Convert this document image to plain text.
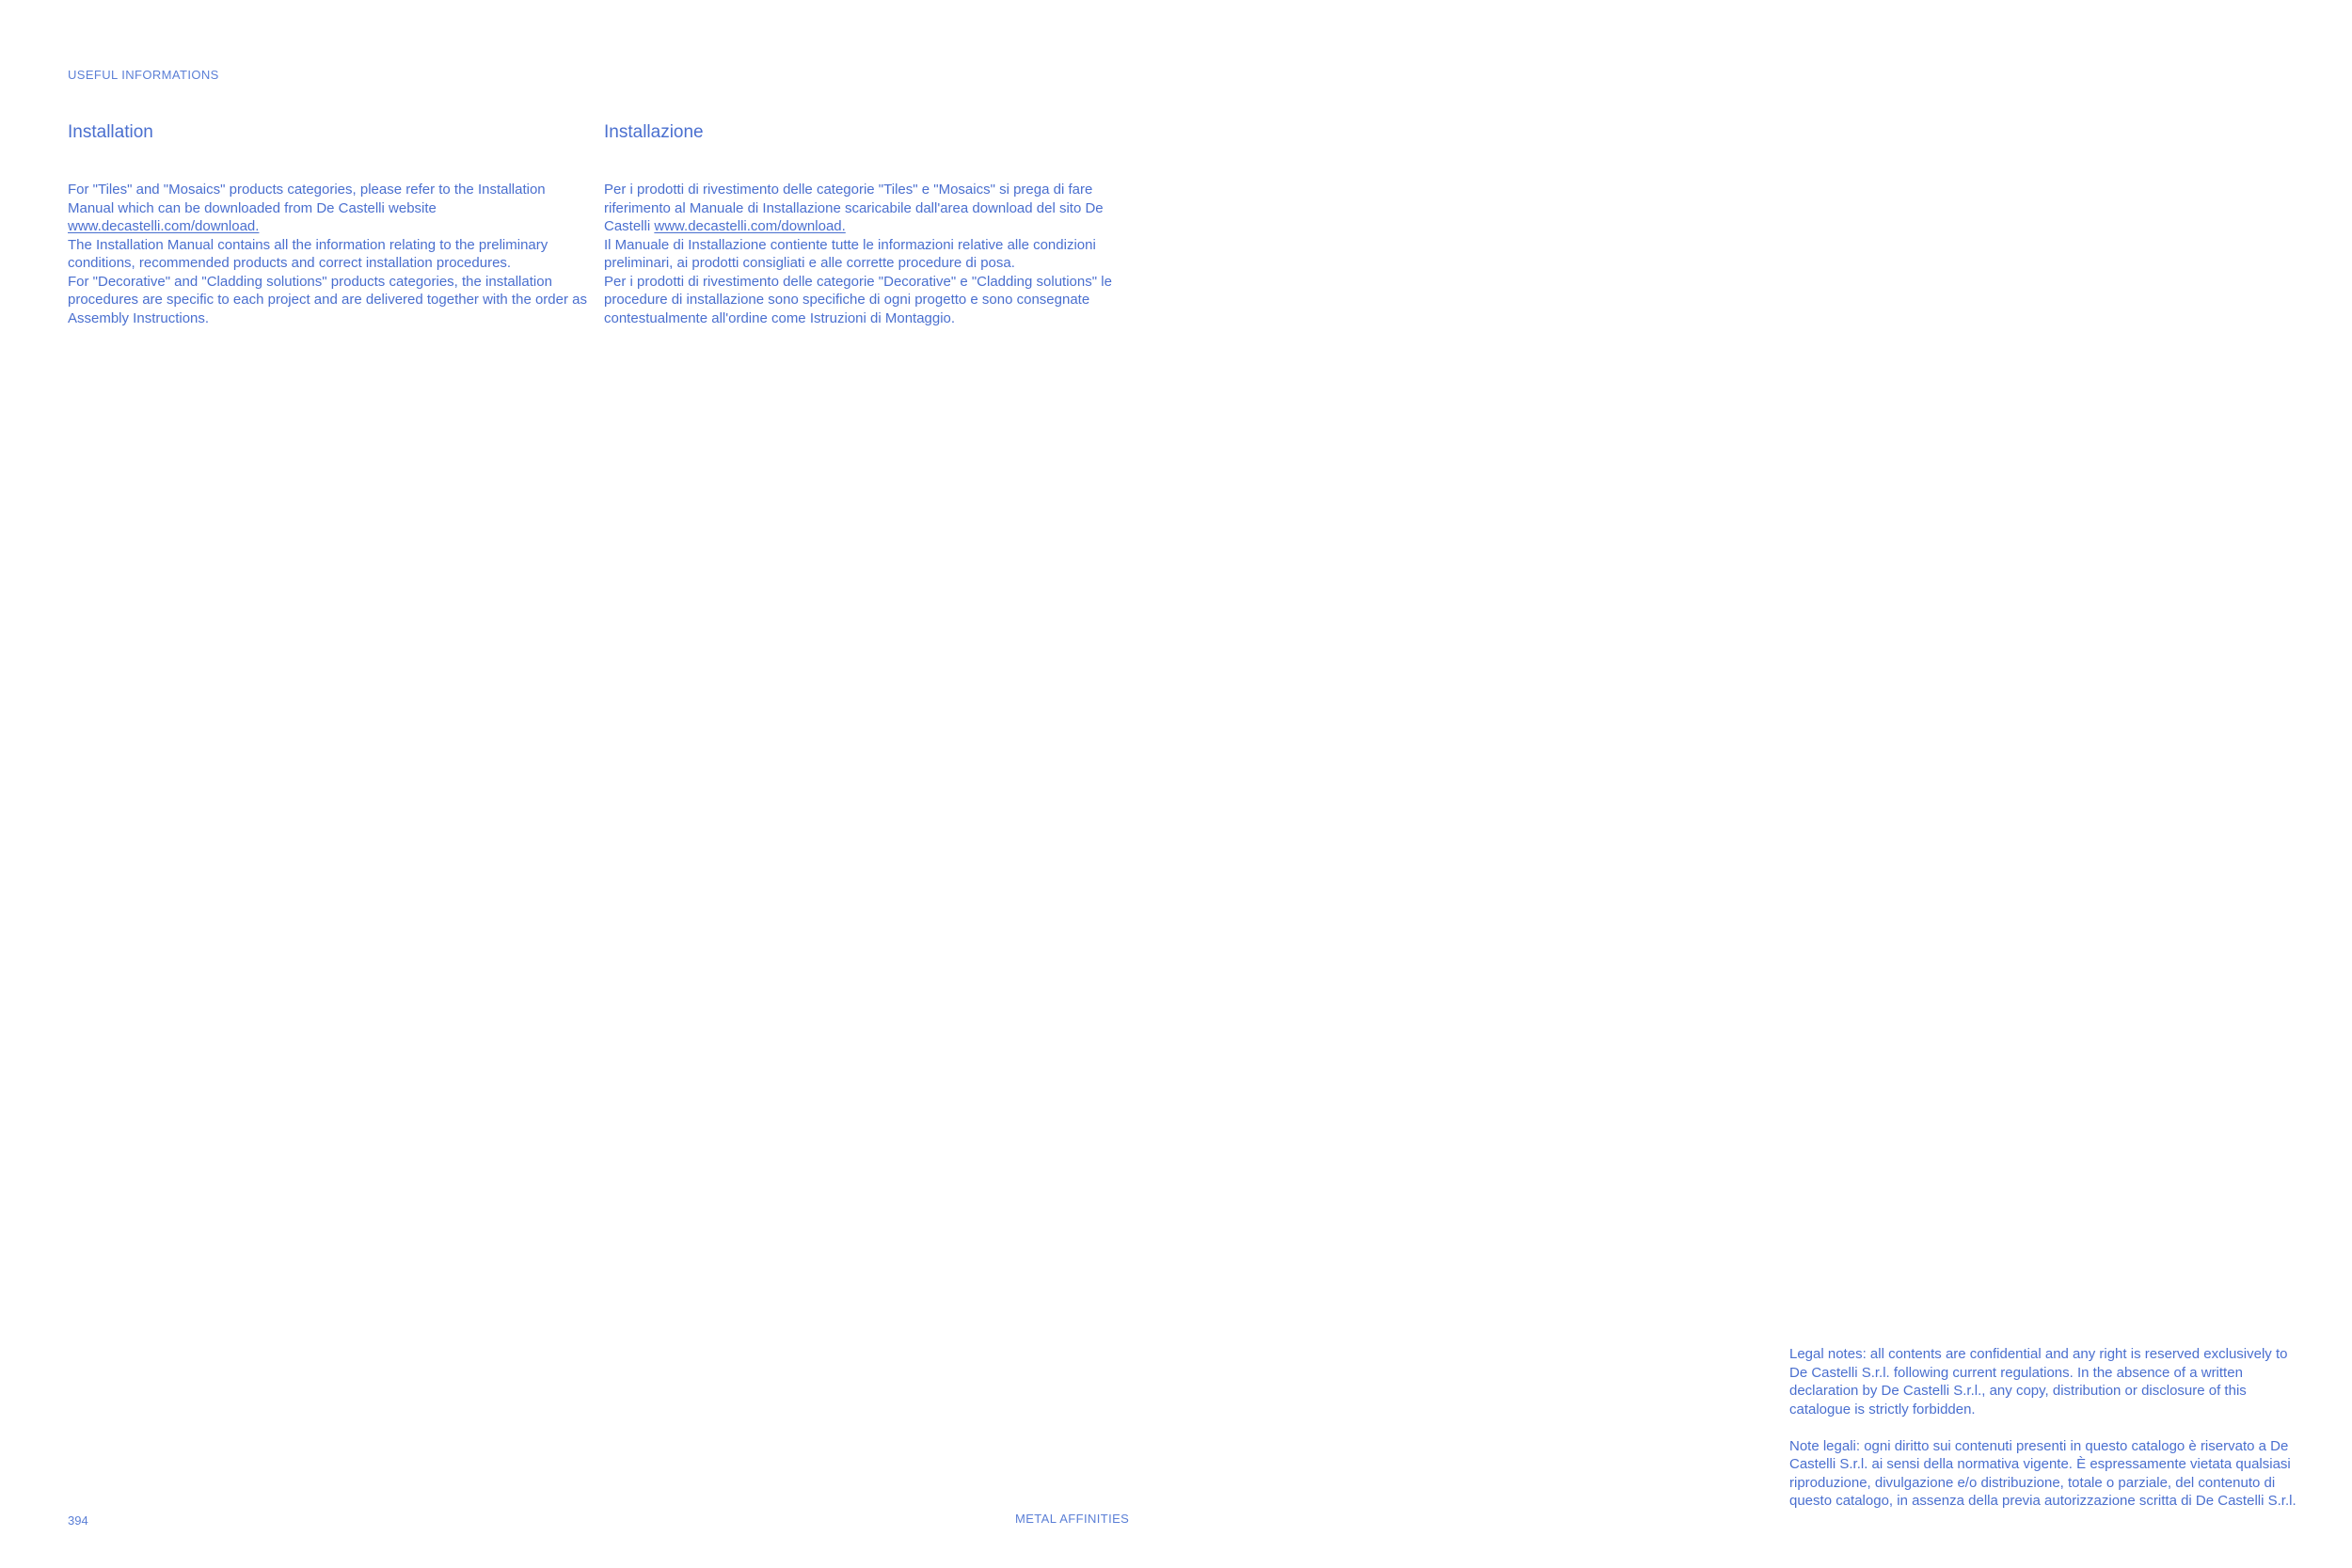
USEFUL INFORMATIONS
Installation

For "Tiles" and "Mosaics" products categories, please refer to the Installation Manual which can be downloaded from De Castelli website www.decastelli.com/download.

The Installation Manual contains all the information relating to the preliminary conditions, recommended products and correct installation procedures.

For "Decorative" and "Cladding solutions" products categories, the installation procedures are specific to each project and are delivered together with the order as Assembly Instructions.

Installazione

Per i prodotti di rivestimento delle categorie "Tiles" e "Mosaics" si prega di fare riferimento al Manuale di Installazione scaricabile dall'area download del sito De Castelli www.decastelli.com/download.

Il Manuale di Installazione contiente tutte le informazioni relative alle condizioni preliminari, ai prodotti consigliati e alle corrette procedure di posa.

Per i prodotti di rivestimento delle categorie "Decorative" e "Cladding solutions" le procedure di installazione sono specifiche di ogni progetto e sono consegnate contestualmente all'ordine come Istruzioni di Montaggio.

Legal notes: all contents are confidential and any right is reserved exclusively to De Castelli S.r.l. following current regulations. In the absence of a written declaration by De Castelli S.r.l., any copy, distribution or disclosure of this catalogue is strictly forbidden.

Note legali: ogni diritto sui contenuti presenti in questo catalogo è riservato a De Castelli S.r.l. ai sensi della normativa vigente. È espressamente vietata qualsiasi riproduzione, divulgazione e/o distribuzione, totale o parziale, del contenuto di questo catalogo, in assenza della previa autorizzazione scritta di De Castelli S.r.l.

394	METAL AFFINITIES
